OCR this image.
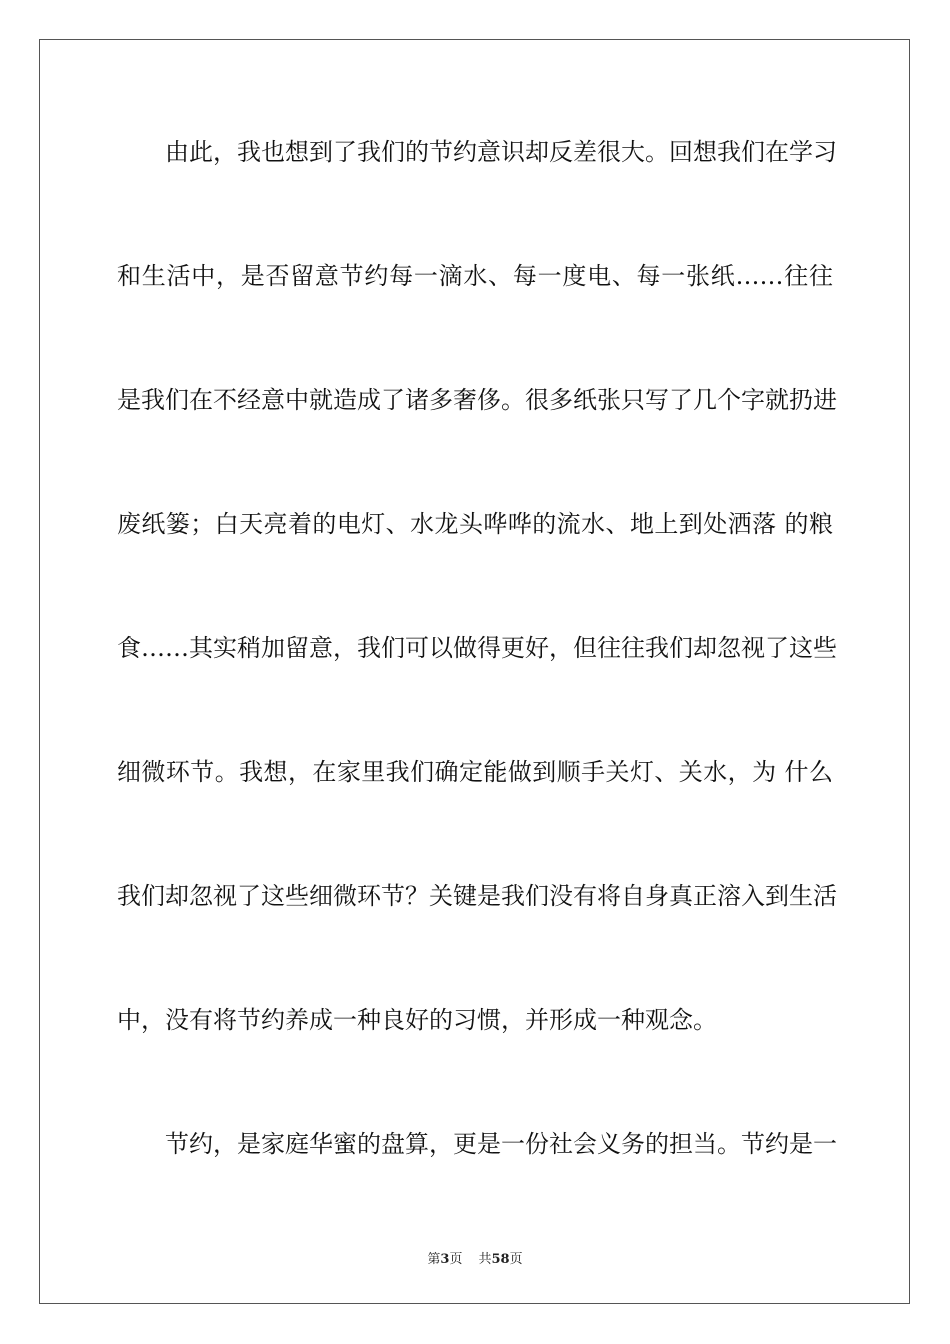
由此，我也想到了我们的节约意识却反差很大。回想我们在学习

和生活中，是否留意节约每一滴水、每一度电、每一张纸……往往

是我们在不经意中就造成了诸多奢侈。很多纸张只写了几个字就扔进

废纸篓；白天亮着的电灯、水龙头哗哗的流水、地上到处洒落 的粮

食……其实稍加留意，我们可以做得更好，但往往我们却忽视了这些

细微环节。我想，在家里我们确定能做到顺手关灯、关水，为 什么

我们却忽视了这些细微环节？关键是我们没有将自身真正溶入到生活

中，没有将节约养成一种良好的习惯，并形成一种观念。

节约，是家庭华蜜的盘算，更是一份社会义务的担当。节约是一

第3页 共58页
